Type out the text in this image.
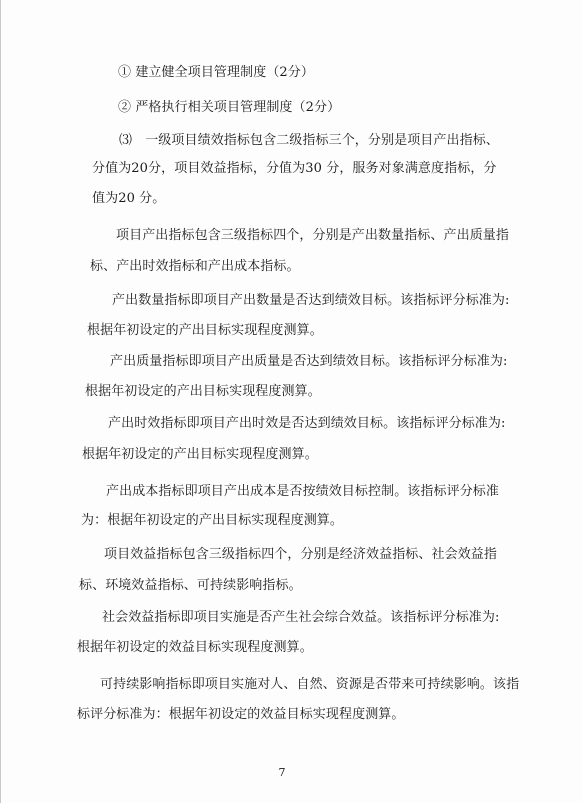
① 建立健全项目管理制度（2分）
② 严格执行相关项目管理制度（2分）
⑶　一级项目绩效指标包含二级指标三个，分别是项目产出指标、
分值为20分，项目效益指标，分值为30 分，服务对象满意度指标，分
值为20 分。
项目产出指标包含三级指标四个，分别是产出数量指标、产出质量指
标、产出时效指标和产出成本指标。
产出数量指标即项目产出数量是否达到绩效目标。该指标评分标准为:
根据年初设定的产出目标实现程度测算。
产出质量指标即项目产出质量是否达到绩效目标。该指标评分标准为:
根据年初设定的产出目标实现程度测算。
产出时效指标即项目产出时效是否达到绩效目标。该指标评分标准为:
根据年初设定的产出目标实现程度测算。
产出成本指标即项目产出成本是否按绩效目标控制。该指标评分标准
为：根据年初设定的产出目标实现程度测算。
项目效益指标包含三级指标四个，分别是经济效益指标、社会效益指
标、环境效益指标、可持续影响指标。
社会效益指标即项目实施是否产生社会综合效益。该指标评分标准为:
根据年初设定的效益目标实现程度测算。
可持续影响指标即项目实施对人、自然、资源是否带来可持续影响。该指
标评分标准为：根据年初设定的效益目标实现程度测算。
7
